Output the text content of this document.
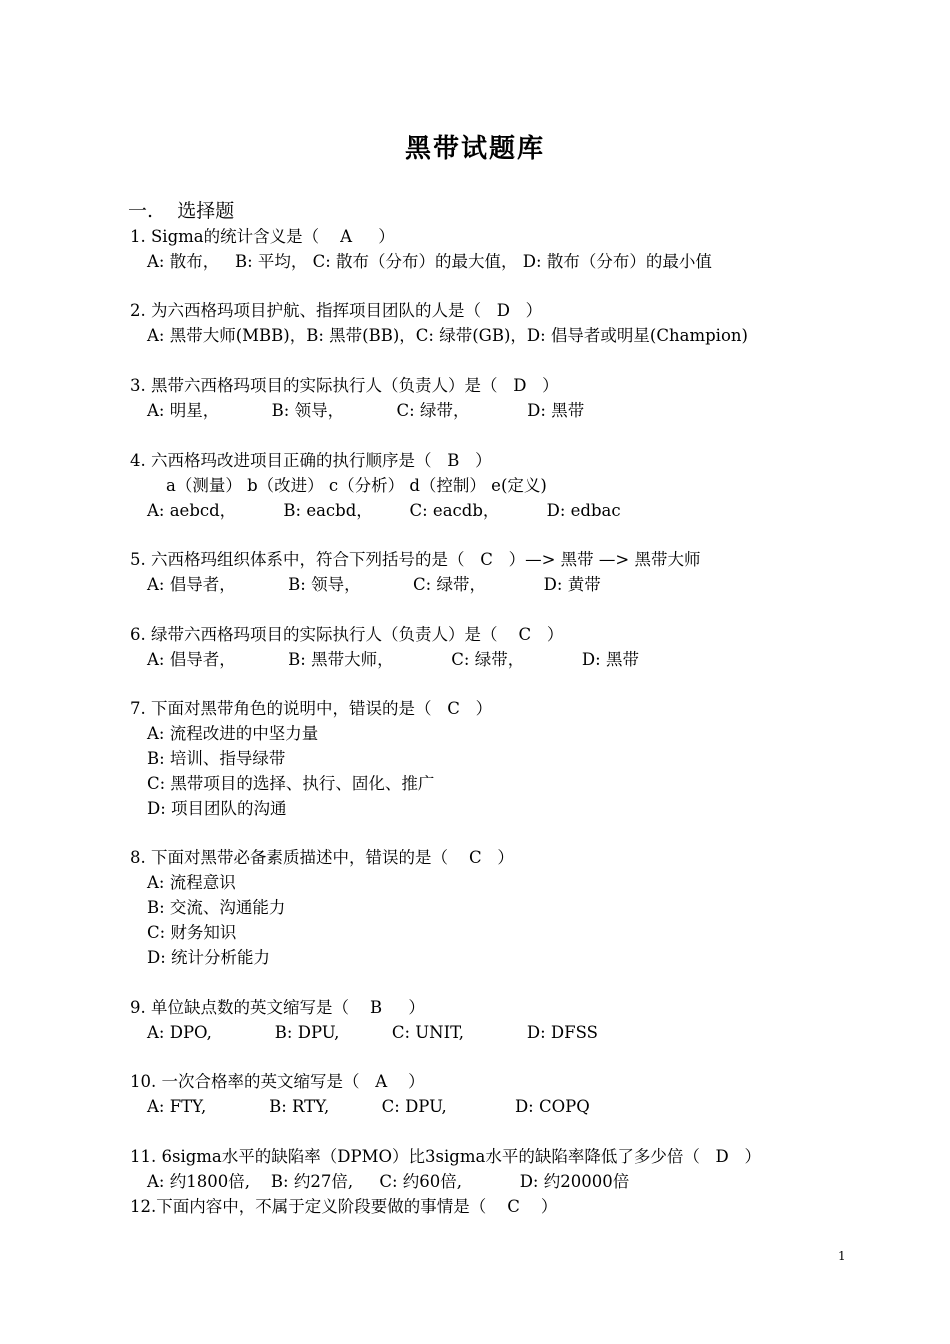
黑带试题库
一.    选择题
1. Sigma的统计含义是（    A     ）
A: 散布，   B: 平均， C: 散布（分布）的最大值， D: 散布（分布）的最小值
2. 为六西格玛项目护航、指挥项目团队的人是（   D   ）
A: 黑带大师(MBB)，B: 黑带(BB)，C: 绿带(GB)，D: 倡导者或明星(Champion)
3. 黑带六西格玛项目的实际执行人（负责人）是（   D   ）
A: 明星，          B: 领导，          C: 绿带，           D: 黑带
4. 六西格玛改进项目正确的执行顺序是（   B   ）
a（测量） b（改进） c（分析） d（控制） e(定义)
A: aebcd，         B: eacbd，       C: eacdb，         D: edbac
5. 六西格玛组织体系中，符合下列括号的是（   C   ）—> 黑带 —> 黑带大师
A: 倡导者，          B: 领导，          C: 绿带，           D: 黄带
6. 绿带六西格玛项目的实际执行人（负责人）是（    C   ）
A: 倡导者，          B: 黑带大师，           C: 绿带，           D: 黑带
7. 下面对黑带角色的说明中，错误的是（   C   ）
A: 流程改进的中坚力量
B: 培训、指导绿带
C: 黑带项目的选择、执行、固化、推广
D: 项目团队的沟通
8. 下面对黑带必备素质描述中，错误的是（    C   ）
A: 流程意识
B: 交流、沟通能力
C: 财务知识
D: 统计分析能力
9. 单位缺点数的英文缩写是（    B     ）
A: DPO,            B: DPU,          C: UNIT,            D: DFSS
10. 一次合格率的英文缩写是（   A    ）
A: FTY,            B: RTY,          C: DPU,             D: COPQ
11. 6sigma水平的缺陷率（DPMO）比3sigma水平的缺陷率降低了多少倍（   D   ）
A: 约1800倍,    B: 约27倍,     C: 约60倍,           D: 约20000倍
12.下面内容中，不属于定义阶段要做的事情是（    C    ）
1
